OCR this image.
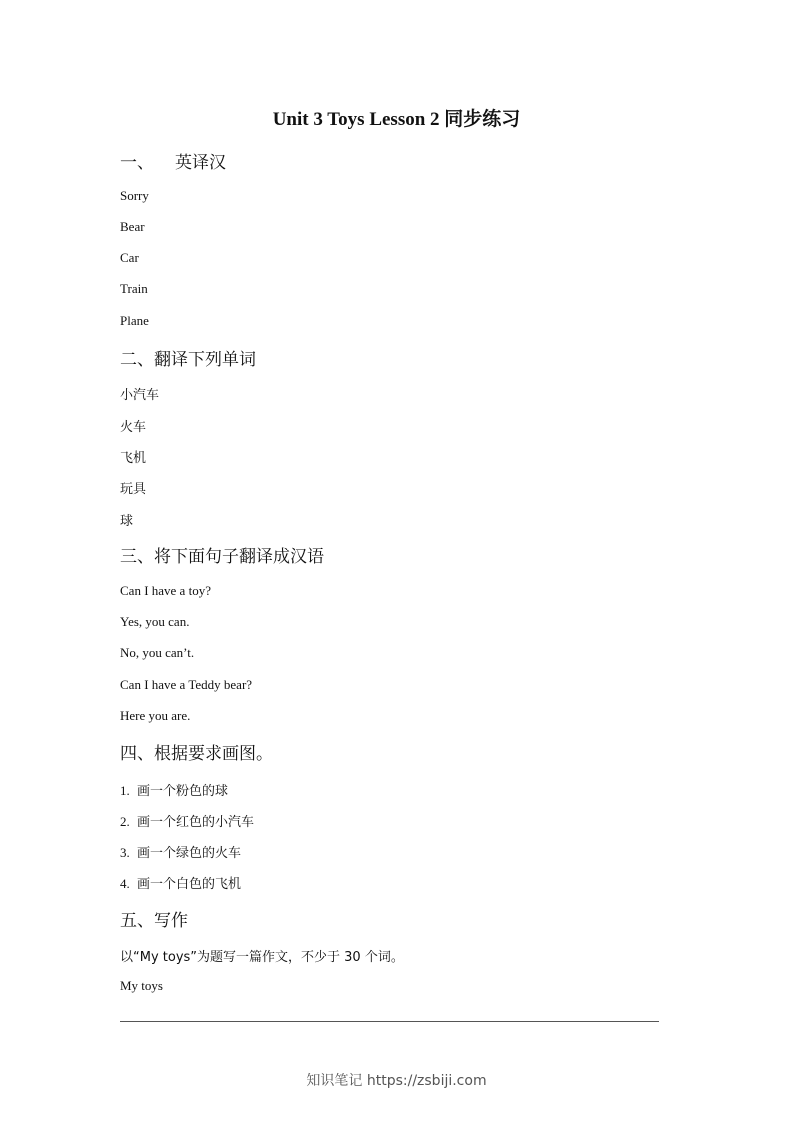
Unit 3 Toys Lesson 2 同步练习
一、 英译汉
Sorry
Bear
Car
Train
Plane
二、翻译下列单词
小汽车
火车
飞机
玩具
球
三、将下面句子翻译成汉语
Can I have a toy?
Yes, you can.
No, you can’t.
Can I have a Teddy bear?
Here you are.
四、根据要求画图。
1. 画一个粉色的球
2. 画一个红色的小汽车
3. 画一个绿色的火车
4. 画一个白色的飞机
五、写作
以“My toys”为题写一篇作文，不少于 30 个词。
My toys
知识笔记 https://zsbiji.com
